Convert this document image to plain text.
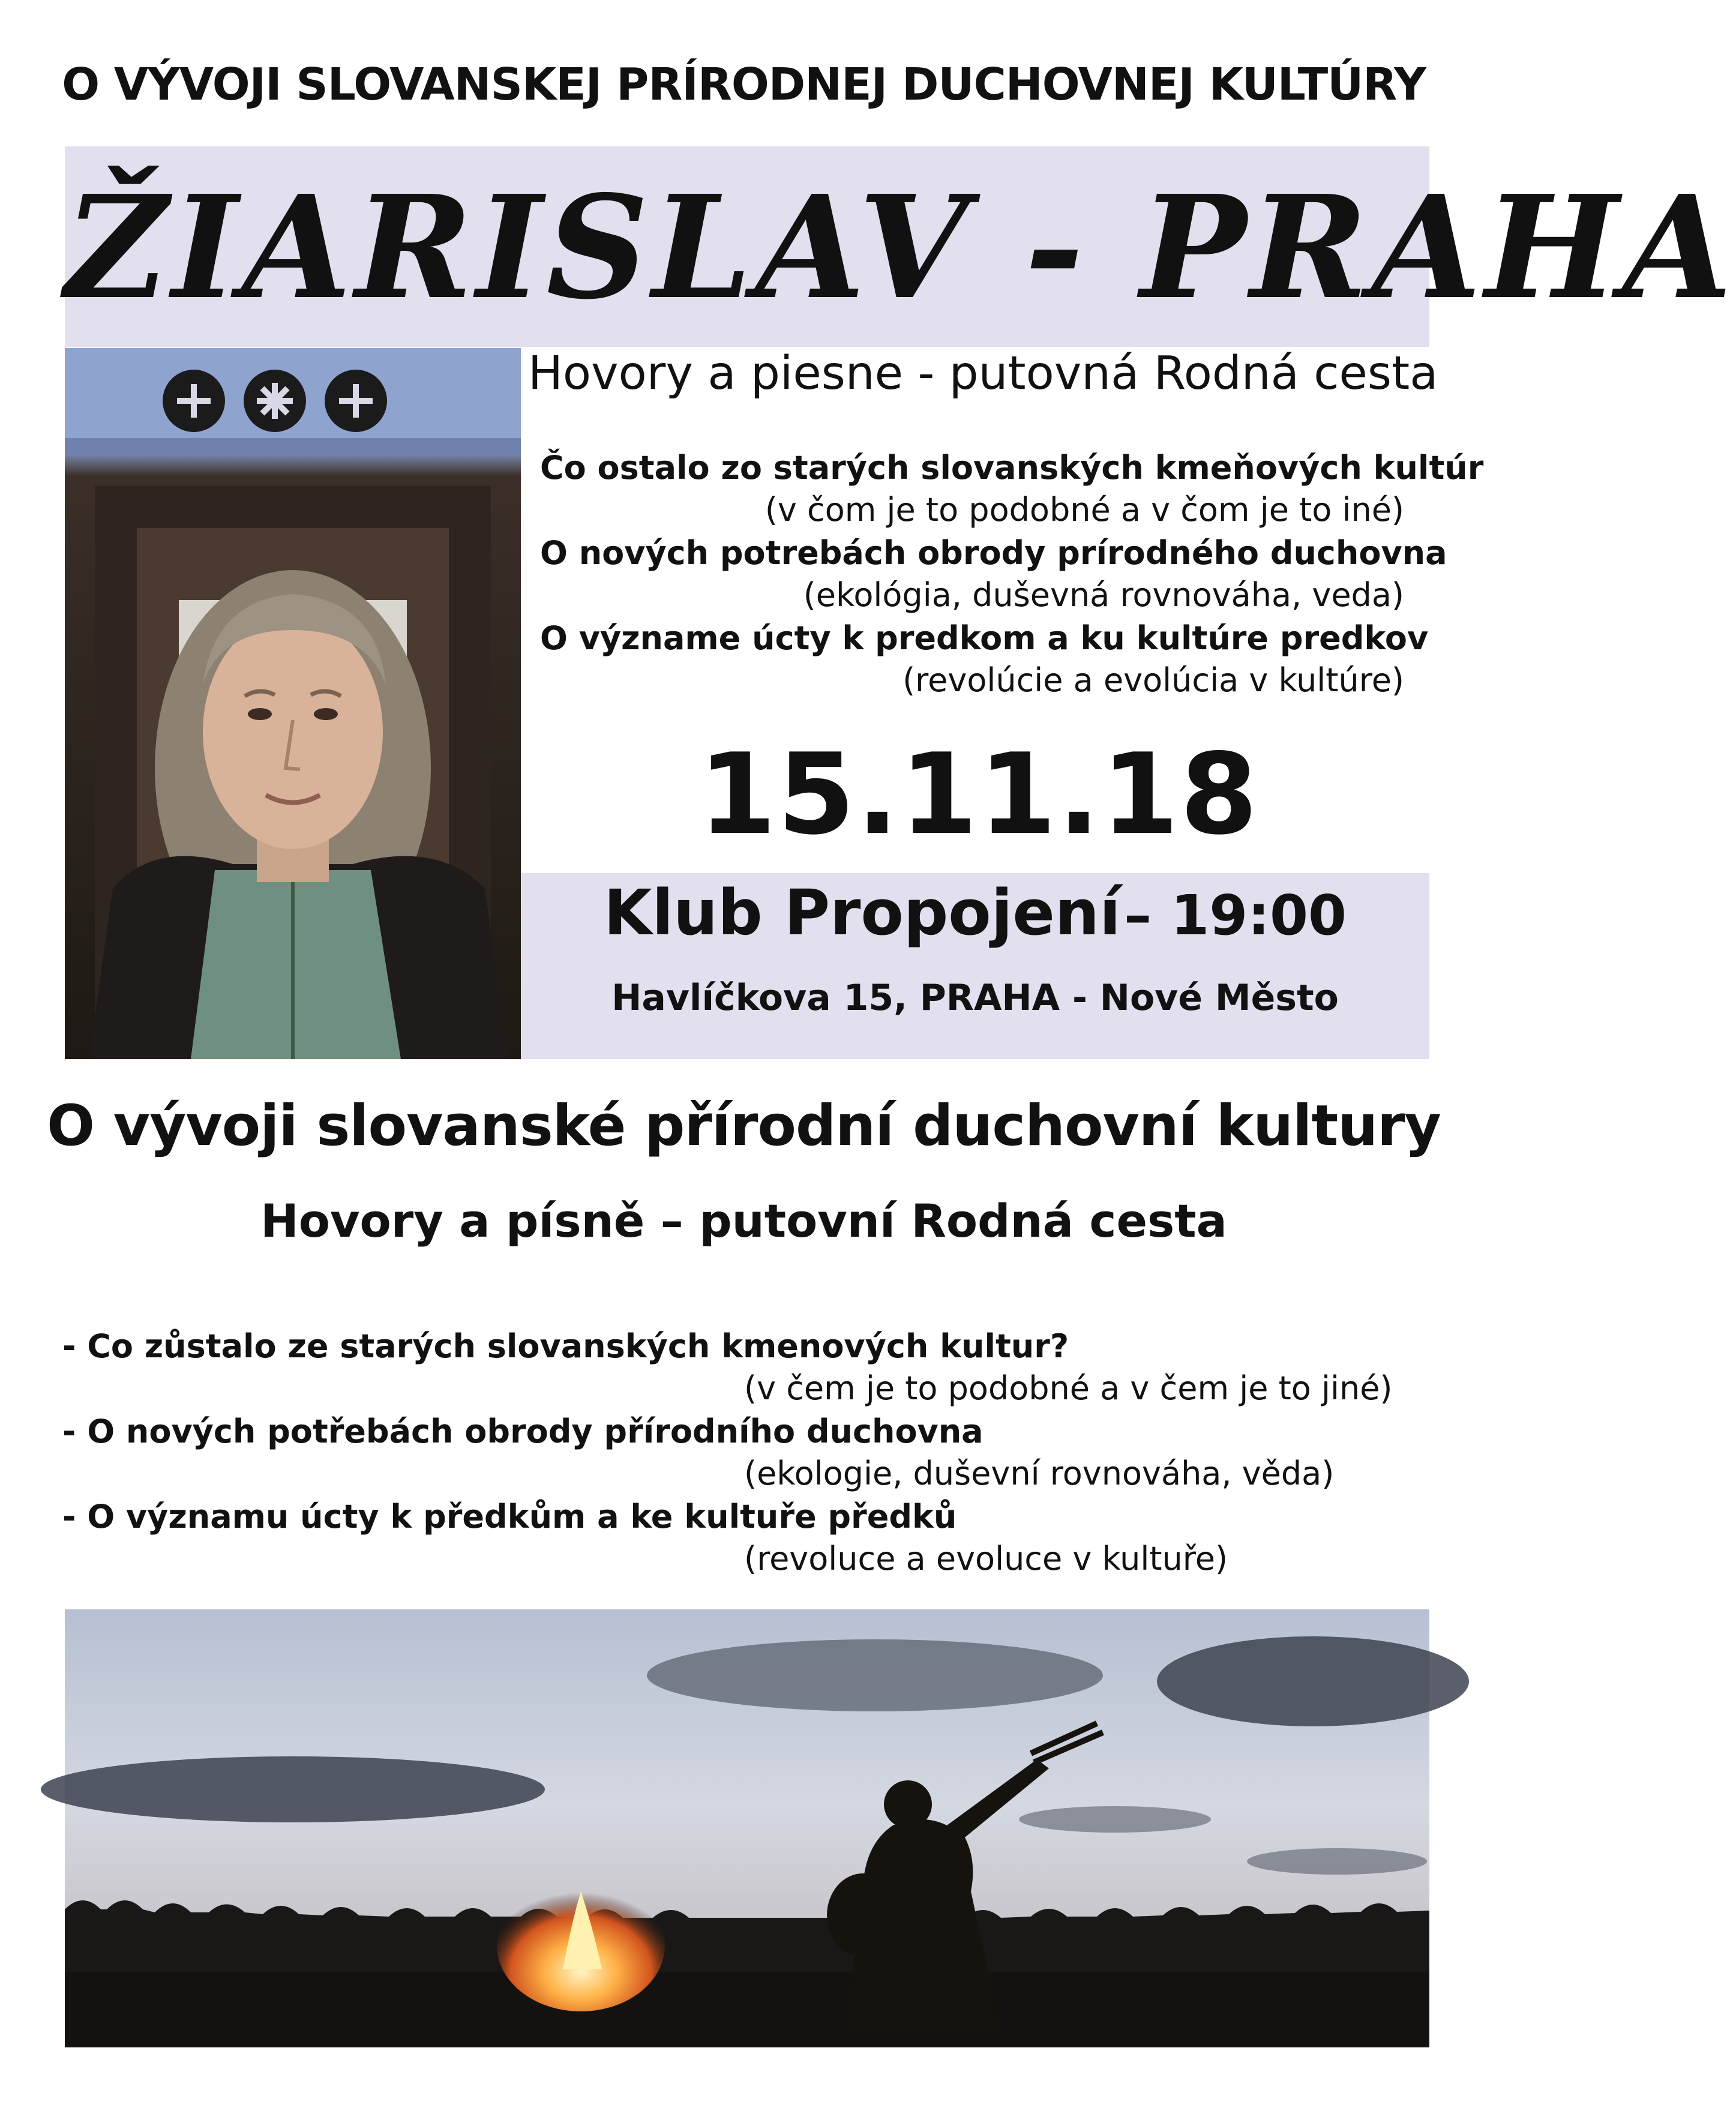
O VÝVOJI SLOVANSKEJ PRÍRODNEJ DUCHOVNEJ KULTÚRY
ŽIARISLAV - PRAHA
Hovory a piesne - putovná Rodná cesta
Čo ostalo zo starých slovanských kmeňových kultúr
(v čom je to podobné a v čom je to iné)
O nových potrebách obrody prírodného duchovna
(ekológia, duševná rovnováha, veda)
O význame úcty k predkom a ku kultúre predkov
(revolúcie a evolúcia v kultúre)
15.11.18
Klub Propojení – 19:00
Havlíčkova 15, PRAHA - Nové Město
O vývoji slovanské přírodní duchovní kultury
Hovory a písně – putovní Rodná cesta
- Co zůstalo ze starých slovanských kmenových kultur?
(v čem je to podobné a v čem je to jiné)
- O nových potřebách obrody přírodního duchovna
(ekologie, duševní rovnováha, věda)
- O významu úcty k předkům a ke kultuře předků
(revoluce a evoluce v kultuře)
